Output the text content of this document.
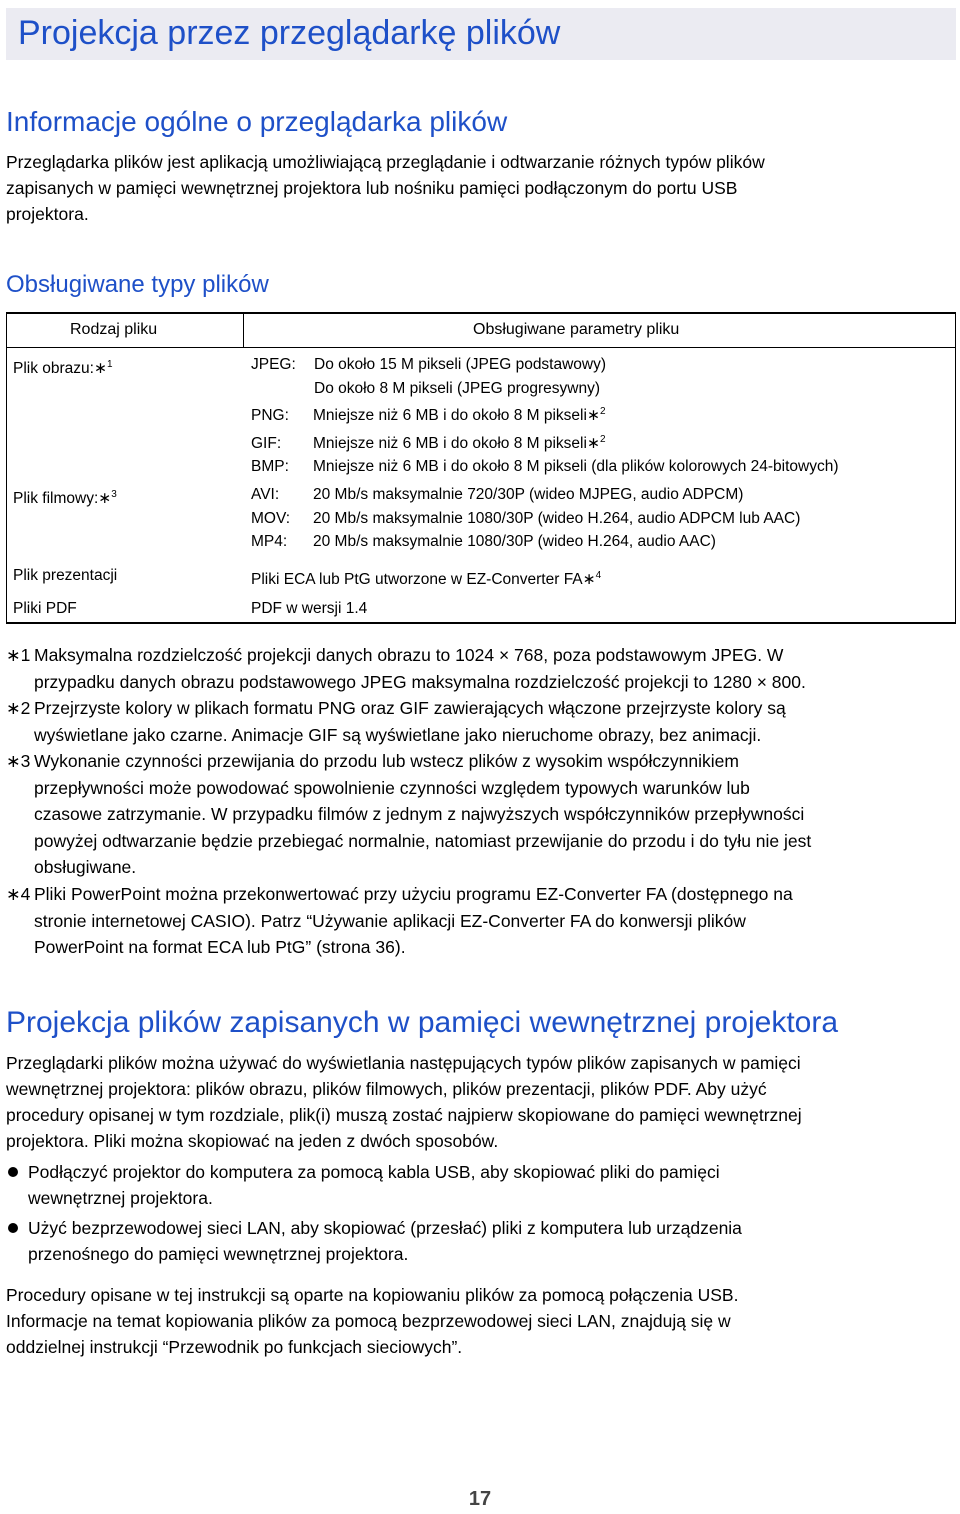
Projekcja przez przeglądarkę plików
Informacje ogólne o przeglądarka plików
Przeglądarka plików jest aplikacją umożliwiającą przeglądanie i odtwarzanie różnych typów plików
zapisanych w pamięci wewnętrznej projektora lub nośniku pamięci podłączonym do portu USB
projektora.
Obsługiwane typy plików
Rodzaj pliku	Obsługiwane parametry pliku
Plik obrazu:∗$^1$	JPEG: Do około 15 M pikseli (JPEG podstawowy)
Do około 8 M pikseli (JPEG progresywny)
PNG: Mniejsze niż 6 MB i do około 8 M pikseli∗$^2$
GIF: Mniejsze niż 6 MB i do około 8 M pikseli∗$^2$
BMP: Mniejsze niż 6 MB i do około 8 M pikseli (dla plików kolorowych 24-bitowych)
Plik filmowy:∗$^3$	AVI: 20 Mb/s maksymalnie 720/30P (wideo MJPEG, audio ADPCM)
MOV: 20 Mb/s maksymalnie 1080/30P (wideo H.264, audio ADPCM lub AAC)
MP4: 20 Mb/s maksymalnie 1080/30P (wideo H.264, audio AAC)
Plik prezentacji	Pliki ECA lub PtG utworzone w EZ-Converter FA∗$^4$
Pliki PDF	PDF w wersji 1.4
∗1 Maksymalna rozdzielczość projekcji danych obrazu to 1024 × 768, poza podstawowym JPEG. W
przypadku danych obrazu podstawowego JPEG maksymalna rozdzielczość projekcji to 1280 × 800.
∗2 Przejrzyste kolory w plikach formatu PNG oraz GIF zawierających włączone przejrzyste kolory są
wyświetlane jako czarne. Animacje GIF są wyświetlane jako nieruchome obrazy, bez animacji.
∗3 Wykonanie czynności przewijania do przodu lub wstecz plików z wysokim współczynnikiem
przepływności może powodować spowolnienie czynności względem typowych warunków lub
czasowe zatrzymanie. W przypadku filmów z jednym z najwyższych współczynników przepływności
powyżej odtwarzanie będzie przebiegać normalnie, natomiast przewijanie do przodu i do tyłu nie jest
obsługiwane.
∗4 Pliki PowerPoint można przekonwertować przy użyciu programu EZ-Converter FA (dostępnego na
stronie internetowej CASIO). Patrz “Używanie aplikacji EZ-Converter FA do konwersji plików
PowerPoint na format ECA lub PtG” (strona 36).
Projekcja plików zapisanych w pamięci wewnętrznej projektora
Przeglądarki plików można używać do wyświetlania następujących typów plików zapisanych w pamięci
wewnętrznej projektora: plików obrazu, plików filmowych, plików prezentacji, plików PDF. Aby użyć
procedury opisanej w tym rozdziale, plik(i) muszą zostać najpierw skopiowane do pamięci wewnętrznej
projektora. Pliki można skopiować na jeden z dwóch sposobów.
Podłączyć projektor do komputera za pomocą kabla USB, aby skopiować pliki do pamięci
wewnętrznej projektora.
Użyć bezprzewodowej sieci LAN, aby skopiować (przesłać) pliki z komputera lub urządzenia
przenośnego do pamięci wewnętrznej projektora.
Procedury opisane w tej instrukcji są oparte na kopiowaniu plików za pomocą połączenia USB.
Informacje na temat kopiowania plików za pomocą bezprzewodowej sieci LAN, znajdują się w
oddzielnej instrukcji “Przewodnik po funkcjach sieciowych”.
17
